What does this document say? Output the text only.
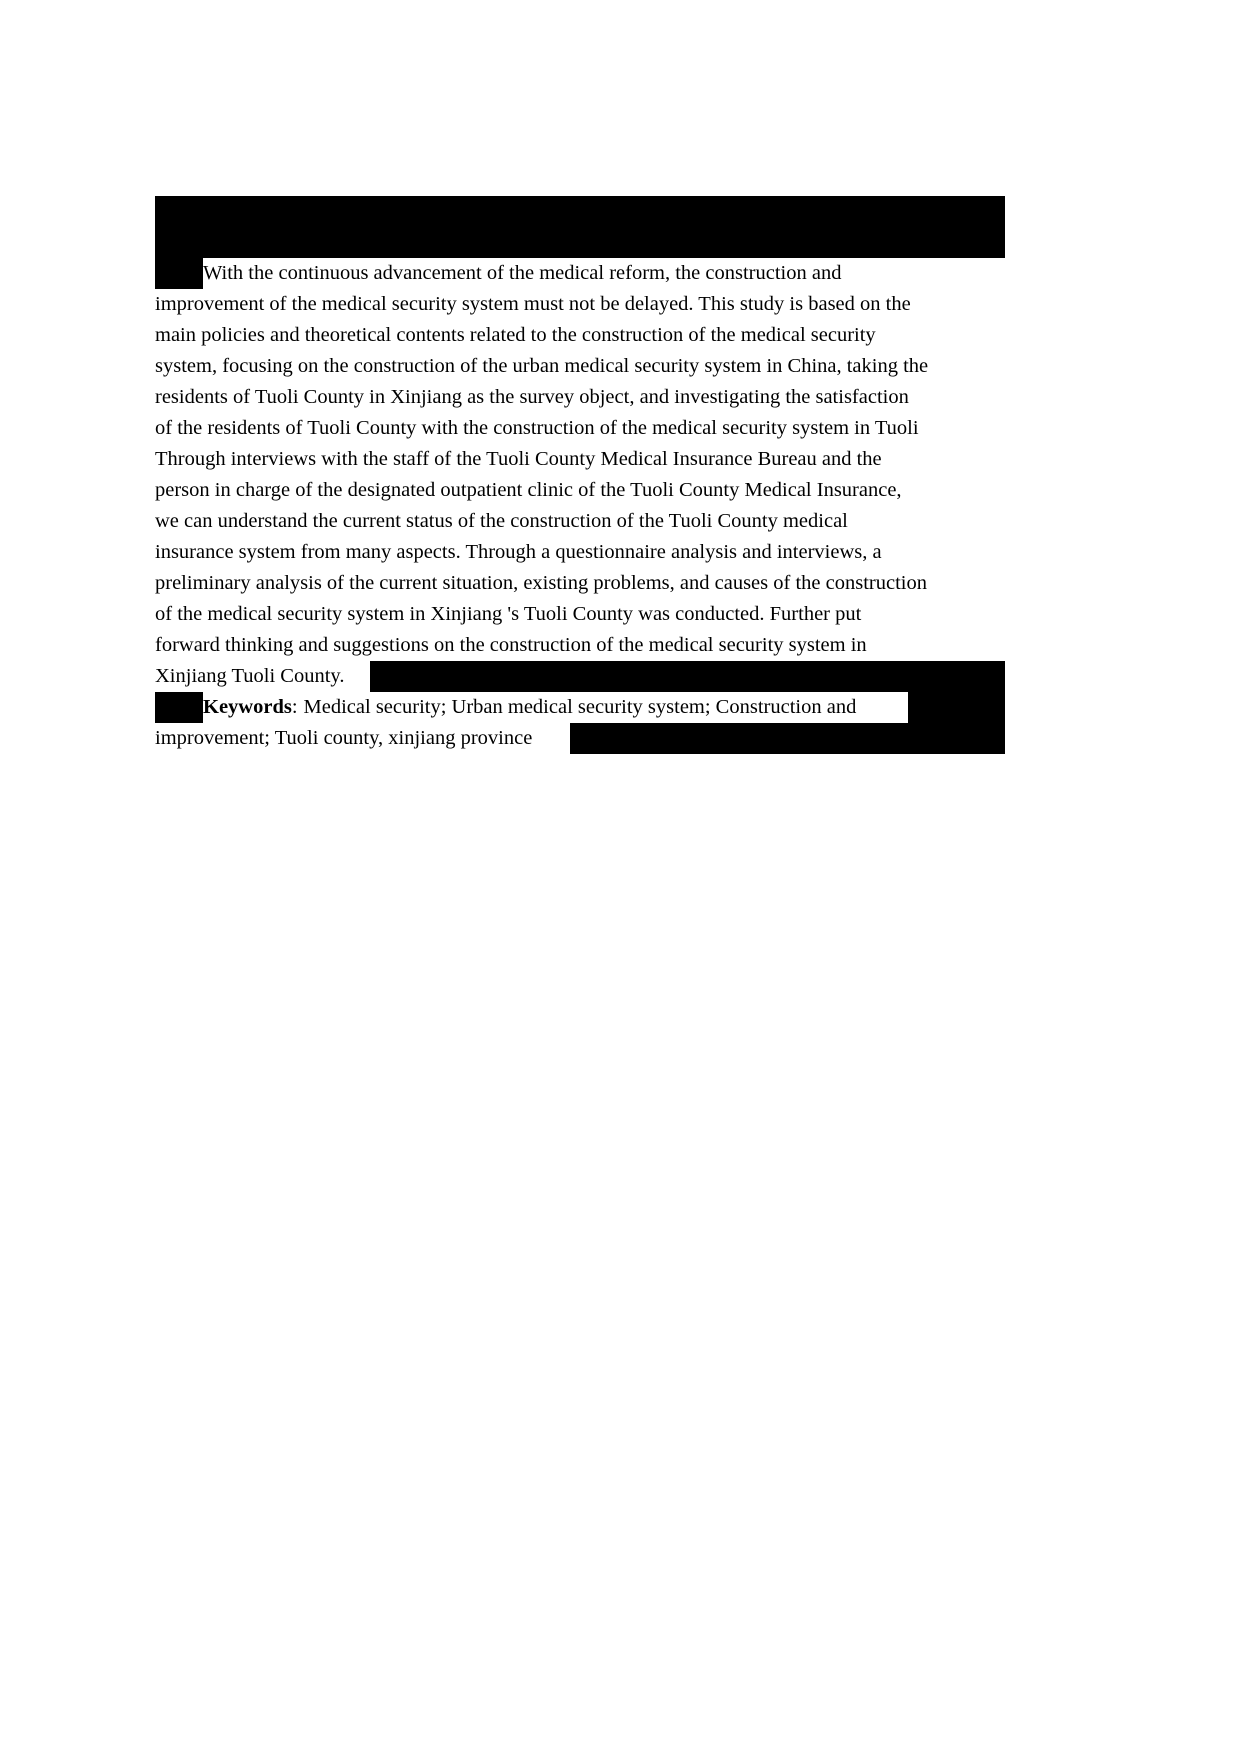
With the continuous advancement of the medical reform, the construction and
improvement of the medical security system must not be delayed. This study is based on the
main policies and theoretical contents related to the construction of the medical security
system, focusing on the construction of the urban medical security system in China, taking the
residents of Tuoli County in Xinjiang as the survey object, and investigating the satisfaction
of the residents of Tuoli County with the construction of the medical security system in Tuoli
Through interviews with the staff of the Tuoli County Medical Insurance Bureau and the
person in charge of the designated outpatient clinic of the Tuoli County Medical Insurance,
we can understand the current status of the construction of the Tuoli County medical
insurance system from many aspects. Through a questionnaire analysis and interviews, a
preliminary analysis of the current situation, existing problems, and causes of the construction
of the medical security system in Xinjiang 's Tuoli County was conducted. Further put
forward thinking and suggestions on the construction of the medical security system in
Xinjiang Tuoli County.
Keywords : Medical security; Urban medical security system; Construction and
improvement; Tuoli county, xinjiang province
